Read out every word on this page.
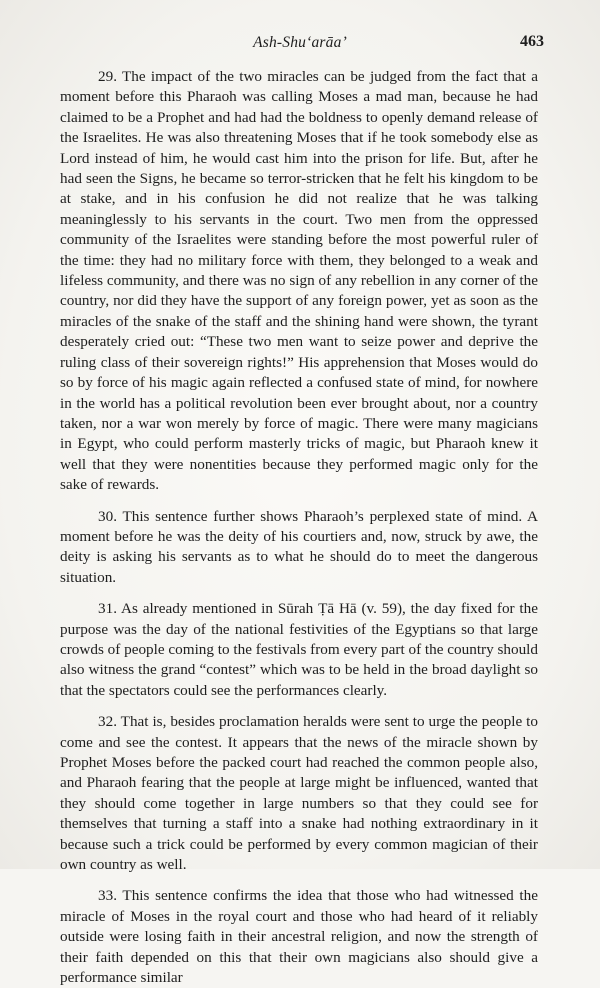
Ash-Shu‘arāa’	463

29. The impact of the two miracles can be judged from the fact that a moment before this Pharaoh was calling Moses a mad man, because he had claimed to be a Prophet and had had the boldness to openly demand release of the Israelites. He was also threatening Moses that if he took somebody else as Lord instead of him, he would cast him into the prison for life. But, after he had seen the Signs, he became so terror-stricken that he felt his kingdom to be at stake, and in his confusion he did not realize that he was talking meaninglessly to his servants in the court. Two men from the oppressed community of the Israelites were standing before the most powerful ruler of the time: they had no military force with them, they belonged to a weak and lifeless community, and there was no sign of any rebellion in any corner of the country, nor did they have the support of any foreign power, yet as soon as the miracles of the snake of the staff and the shining hand were shown, the tyrant desperately cried out: “These two men want to seize power and deprive the ruling class of their sovereign rights!” His apprehension that Moses would do so by force of his magic again reflected a confused state of mind, for nowhere in the world has a political revolution been ever brought about, nor a country taken, nor a war won merely by force of magic. There were many magicians in Egypt, who could perform masterly tricks of magic, but Pharaoh knew it well that they were nonentities because they performed magic only for the sake of rewards.

30. This sentence further shows Pharaoh’s perplexed state of mind. A moment before he was the deity of his courtiers and, now, struck by awe, the deity is asking his servants as to what he should do to meet the dangerous situation.

31. As already mentioned in Sūrah Ṭā Hā (v. 59), the day fixed for the purpose was the day of the national festivities of the Egyptians so that large crowds of people coming to the festivals from every part of the country should also witness the grand “contest” which was to be held in the broad daylight so that the spectators could see the performances clearly.

32. That is, besides proclamation heralds were sent to urge the people to come and see the contest. It appears that the news of the miracle shown by Prophet Moses before the packed court had reached the common people also, and Pharaoh fearing that the people at large might be influenced, wanted that they should come together in large numbers so that they could see for themselves that turning a staff into a snake had nothing extraordinary in it because such a trick could be performed by every common magician of their own country as well.

33. This sentence confirms the idea that those who had witnessed the miracle of Moses in the royal court and those who had heard of it reliably outside were losing faith in their ancestral religion, and now the strength of their faith depended on this that their own magicians also should give a performance similar
